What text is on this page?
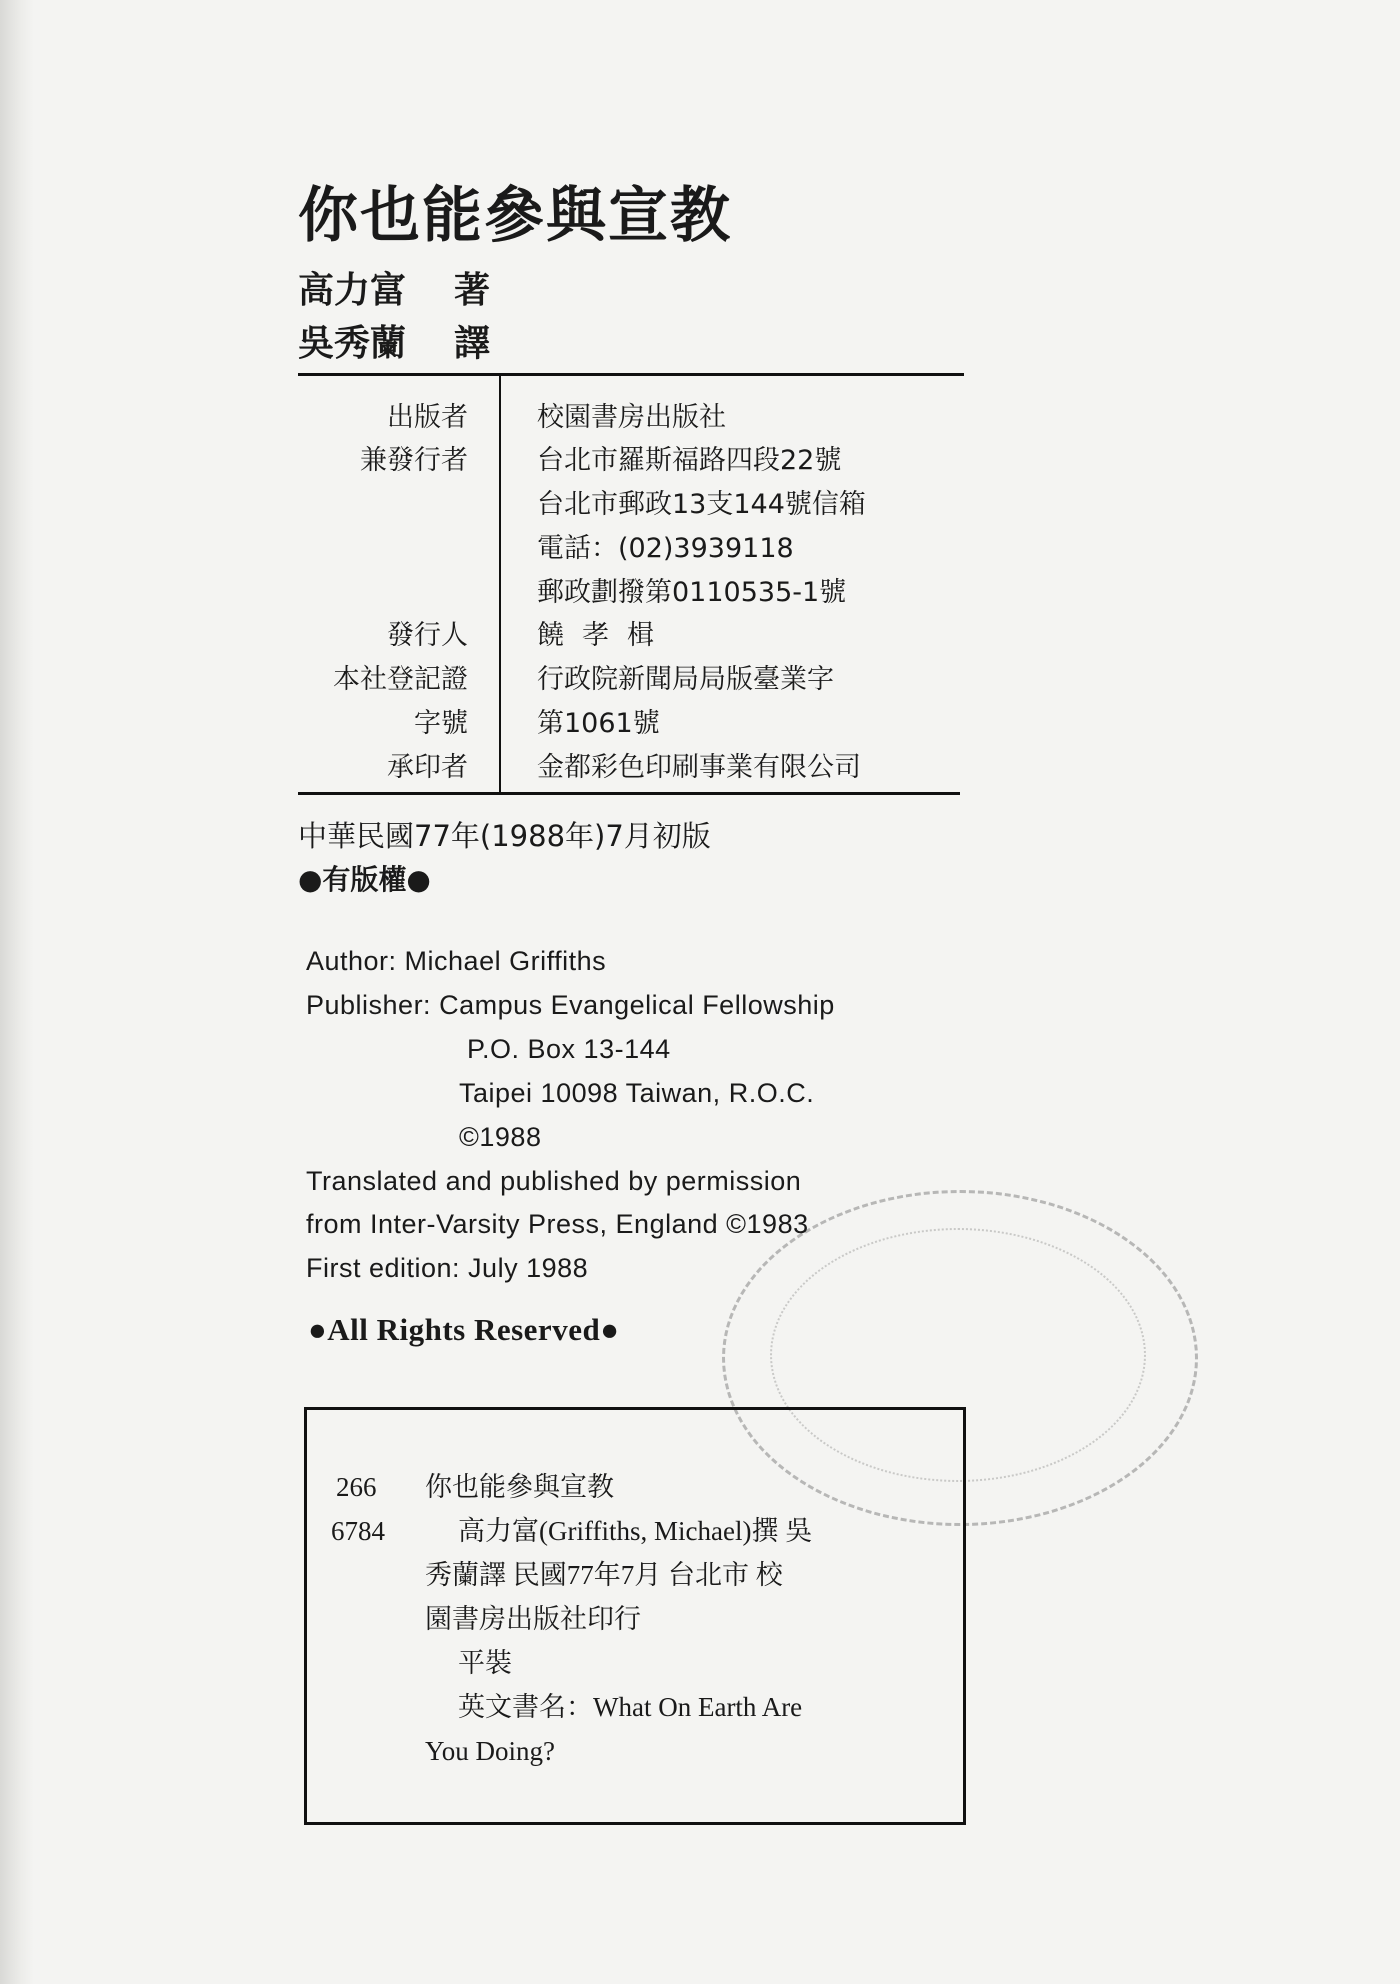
你也能參與宣教
高力富 著
吳秀蘭 譯
出版者	校園書房出版社
兼發行者	台北市羅斯福路四段22號
台北市郵政13支144號信箱
電話：(02)3939118
郵政劃撥第0110535-1號
發行人	饒孝楫
本社登記證	行政院新聞局局版臺業字
字號	第1061號
承印者	金都彩色印刷事業有限公司
中華民國77年(1988年)7月初版
●有版權●
Author: Michael Griffiths
Publisher: Campus Evangelical Fellowship
P.O. Box 13-144
Taipei 10098 Taiwan, R.O.C.
©1988
Translated and published by permission
from Inter-Varsity Press, England ©1983
First edition: July 1988
●All Rights Reserved●
266 你也能參與宣教
6784	高力富(Griffiths, Michael)撰 吳
秀蘭譯 民國77年7月 台北市 校
園書房出版社印行
平裝
英文書名：What On Earth Are
You Doing?
